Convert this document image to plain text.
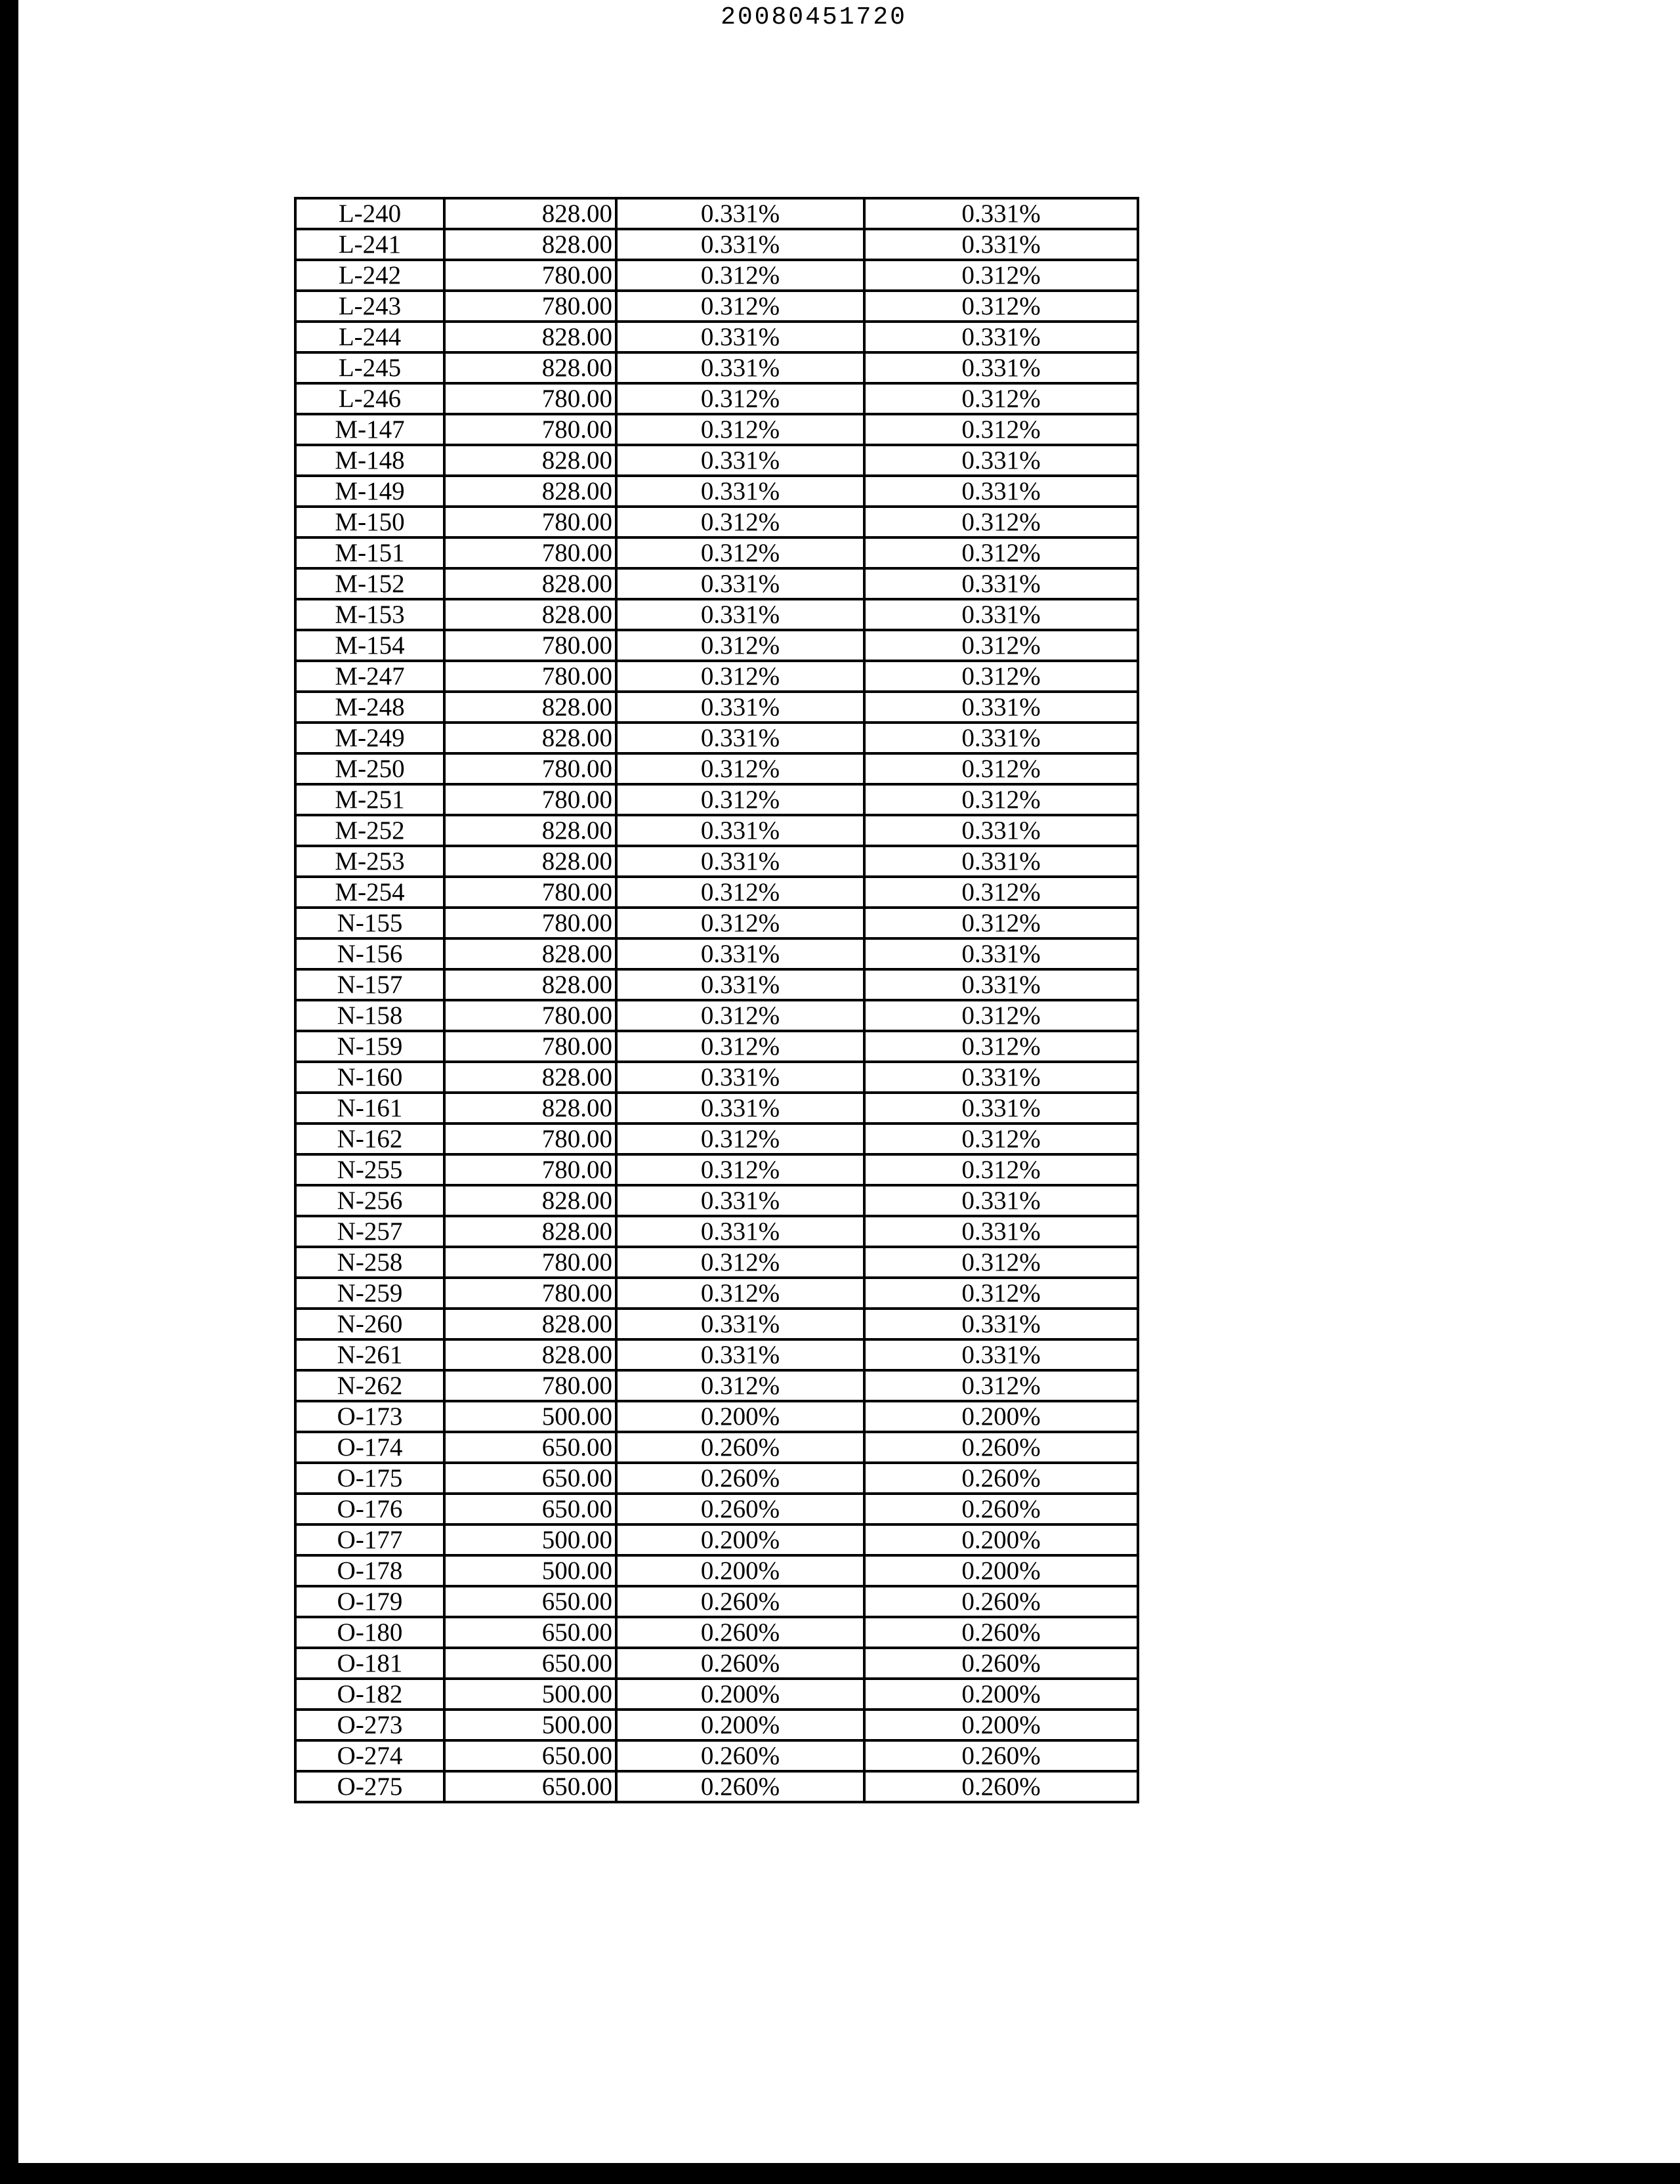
20080451720
L-240	828.00	0.331%	0.331%
L-241	828.00	0.331%	0.331%
L-242	780.00	0.312%	0.312%
L-243	780.00	0.312%	0.312%
L-244	828.00	0.331%	0.331%
L-245	828.00	0.331%	0.331%
L-246	780.00	0.312%	0.312%
M-147	780.00	0.312%	0.312%
M-148	828.00	0.331%	0.331%
M-149	828.00	0.331%	0.331%
M-150	780.00	0.312%	0.312%
M-151	780.00	0.312%	0.312%
M-152	828.00	0.331%	0.331%
M-153	828.00	0.331%	0.331%
M-154	780.00	0.312%	0.312%
M-247	780.00	0.312%	0.312%
M-248	828.00	0.331%	0.331%
M-249	828.00	0.331%	0.331%
M-250	780.00	0.312%	0.312%
M-251	780.00	0.312%	0.312%
M-252	828.00	0.331%	0.331%
M-253	828.00	0.331%	0.331%
M-254	780.00	0.312%	0.312%
N-155	780.00	0.312%	0.312%
N-156	828.00	0.331%	0.331%
N-157	828.00	0.331%	0.331%
N-158	780.00	0.312%	0.312%
N-159	780.00	0.312%	0.312%
N-160	828.00	0.331%	0.331%
N-161	828.00	0.331%	0.331%
N-162	780.00	0.312%	0.312%
N-255	780.00	0.312%	0.312%
N-256	828.00	0.331%	0.331%
N-257	828.00	0.331%	0.331%
N-258	780.00	0.312%	0.312%
N-259	780.00	0.312%	0.312%
N-260	828.00	0.331%	0.331%
N-261	828.00	0.331%	0.331%
N-262	780.00	0.312%	0.312%
O-173	500.00	0.200%	0.200%
O-174	650.00	0.260%	0.260%
O-175	650.00	0.260%	0.260%
O-176	650.00	0.260%	0.260%
O-177	500.00	0.200%	0.200%
O-178	500.00	0.200%	0.200%
O-179	650.00	0.260%	0.260%
O-180	650.00	0.260%	0.260%
O-181	650.00	0.260%	0.260%
O-182	500.00	0.200%	0.200%
O-273	500.00	0.200%	0.200%
O-274	650.00	0.260%	0.260%
O-275	650.00	0.260%	0.260%
